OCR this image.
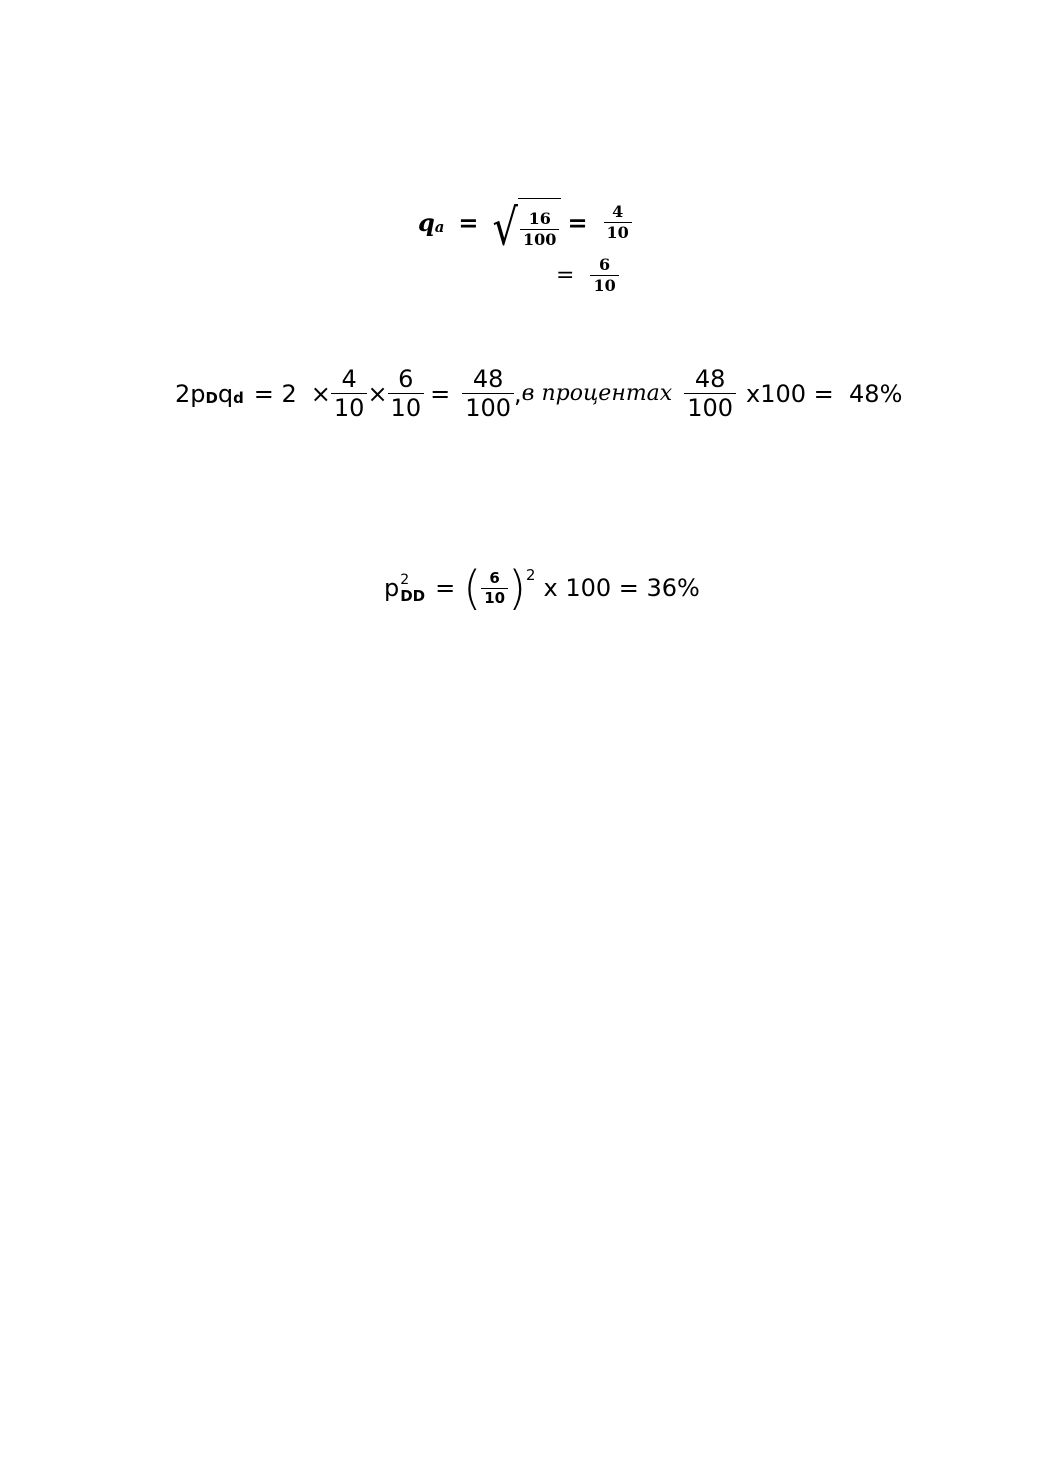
q a = √ $\frac{16}{100} = \frac{4}{10}$
= $\frac{6}{10}$
2p D q $d = 2 \times \frac{4}{10} \times \frac{6}{10} = \frac{48}{100}$ , в процентах $\frac{48}{100} x100 = 48\%$
p 2
DD = ( $\frac{6}{10}$ ) 2 x 100 = 36%
